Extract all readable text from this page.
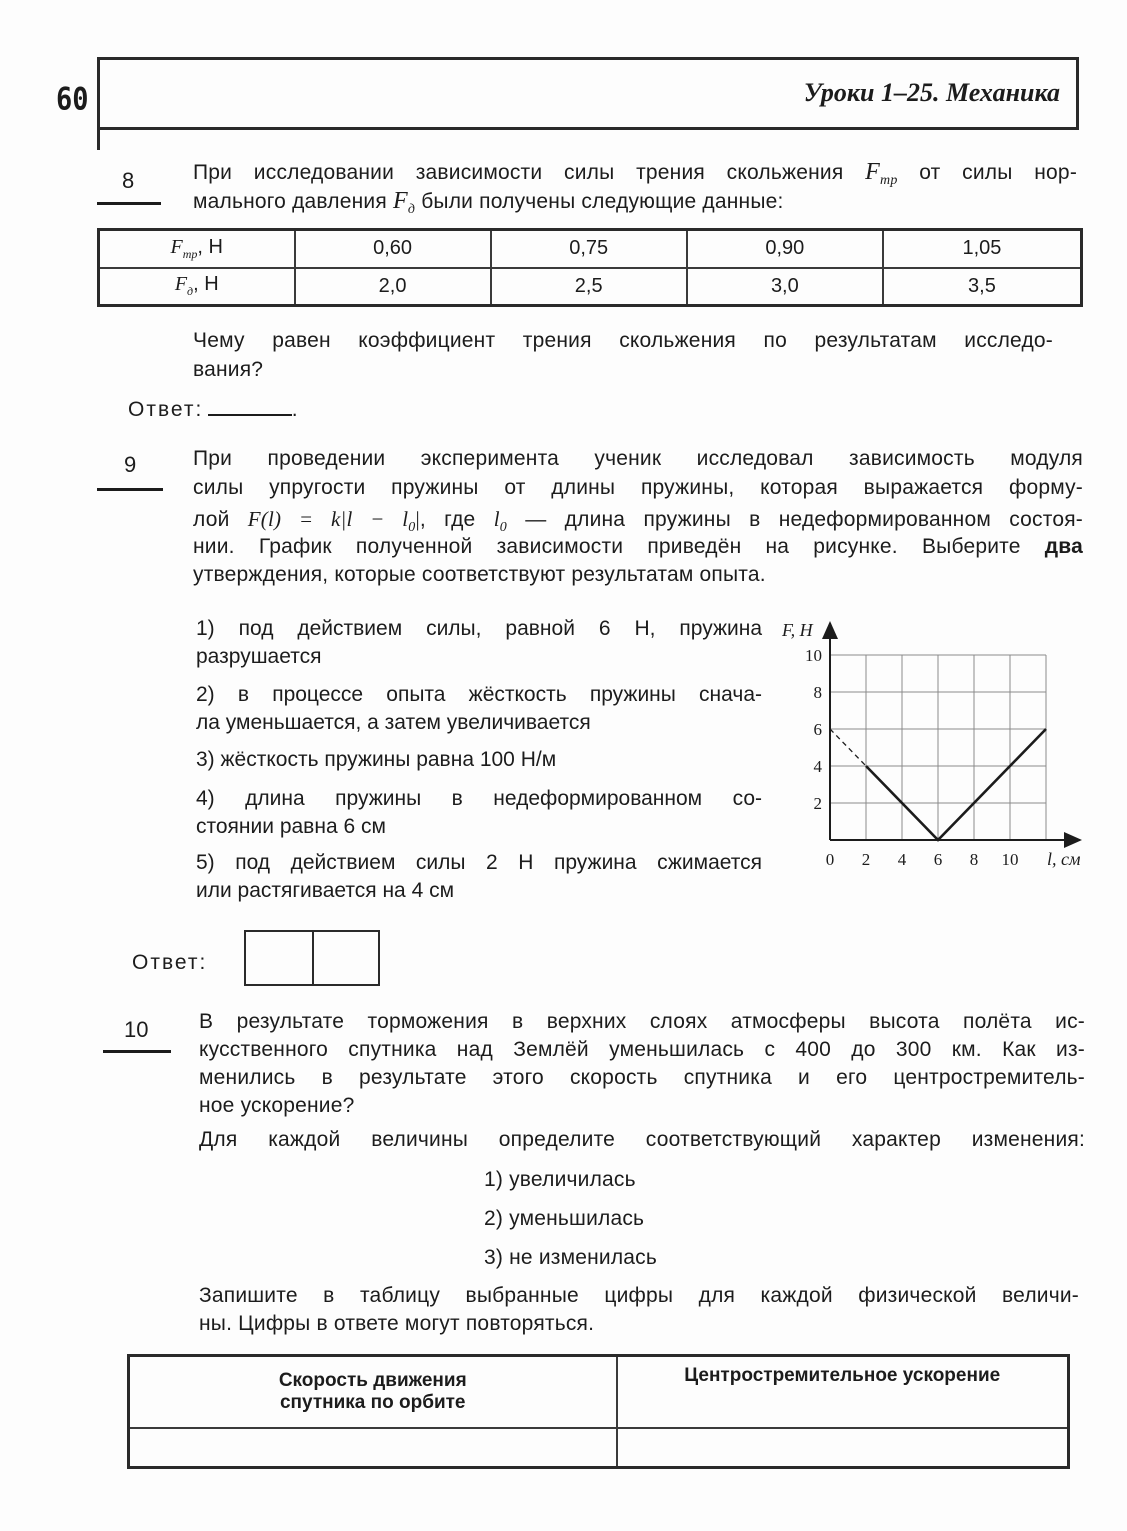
60	Уроки 1–25. Механика
8	При исследовании зависимости силы трения скольжения $F_{тр}$ от силы нор-
мального давления $F_д$ были получены следующие данные:
$F_{тр}$, Н	0,60	0,75	0,90	1,05
$F_д$, Н	2,0	2,5	3,0	3,5
Чему равен коэффициент трения скольжения по результатам исследо-
вания?
Ответ:	.
9	При проведении эксперимента ученик исследовал зависимость модуля
силы упругости пружины от длины пружины, которая выражается форму-
лой $F(l) = k|l - l_0|$, где $l_0$ — длина пружины в недеформированном состоя-
нии. График полученной зависимости приведён на рисунке. Выберите два
утверждения, которые соответствуют результатам опыта.
1) под действием силы, равной 6 Н, пружина
разрушается
2) в процессе опыта жёсткость пружины снача-
ла уменьшается, а затем увеличивается
3) жёсткость пружины равна 100 Н/м
4) длина пружины в недеформированном со-
стоянии равна 6 см
5) под действием силы 2 Н пружина сжимается
или растягивается на 4 см
0 2 4 6 8 10
2
4
6
8
10
F, Н
l, см
Ответ:
10 В результате торможения в верхних слоях атмосферы высота полёта ис-
кусственного спутника над Землёй уменьшилась с 400 до 300 км. Как из-
менились в результате этого скорость спутника и его центростремитель-
ное ускорение?
Для каждой величины определите соответствующий характер изменения:
1) увеличилась
2) уменьшилась
3) не изменилась
Запишите в таблицу выбранные цифры для каждой физической величи-
ны. Цифры в ответе могут повторяться.
Скорость движения
спутника по орбите	Центростремительное ускорение
